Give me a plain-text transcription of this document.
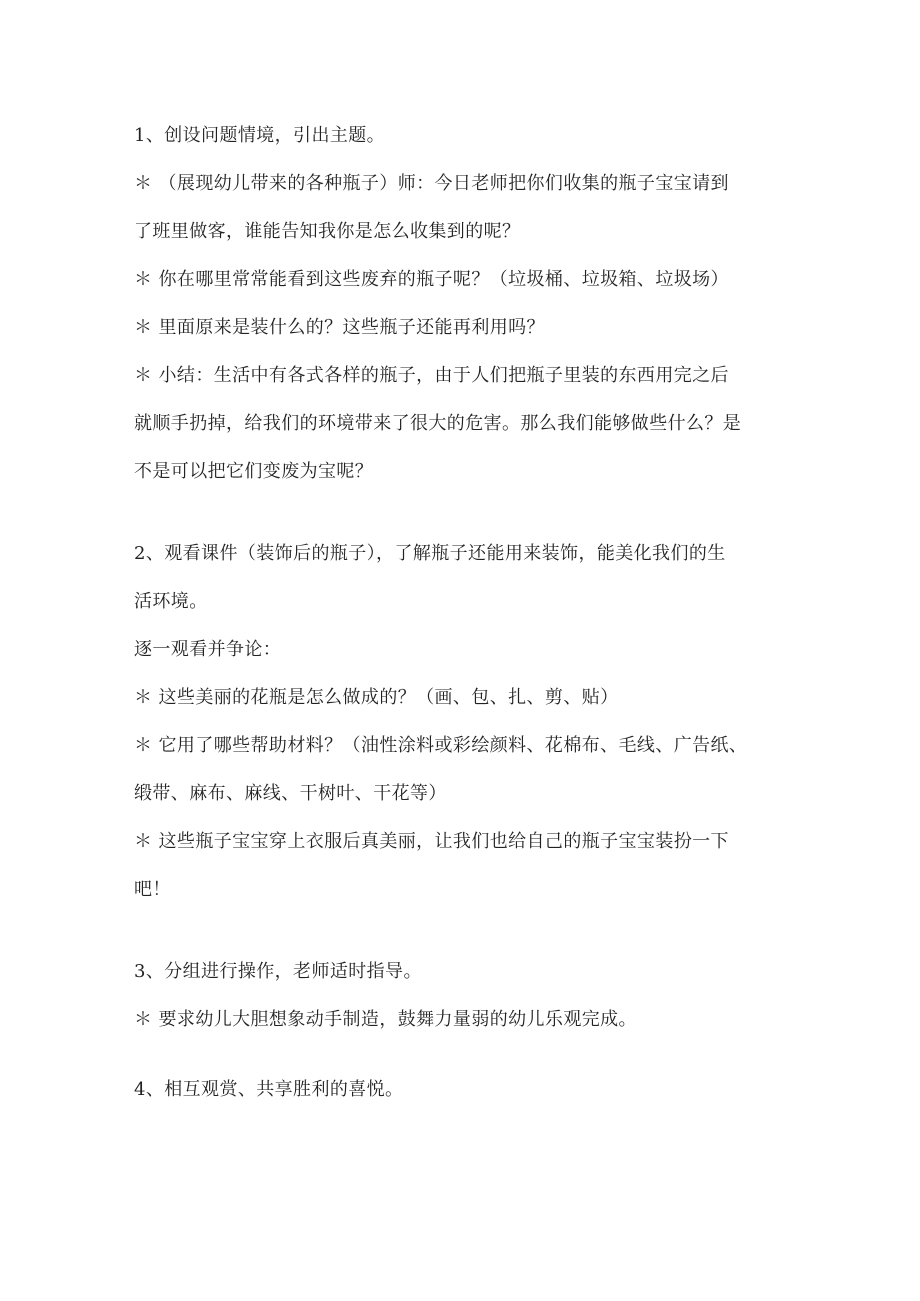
1、创设问题情境，引出主题。
＊ （展现幼儿带来的各种瓶子）师：今日老师把你们收集的瓶子宝宝请到
了班里做客，谁能告知我你是怎么收集到的呢？
＊ 你在哪里常常能看到这些废弃的瓶子呢？（垃圾桶、垃圾箱、垃圾场）
＊ 里面原来是装什么的？这些瓶子还能再利用吗？
＊ 小结：生活中有各式各样的瓶子，由于人们把瓶子里装的东西用完之后
就顺手扔掉，给我们的环境带来了很大的危害。那么我们能够做些什么？是
不是可以把它们变废为宝呢？
2、观看课件（装饰后的瓶子），了解瓶子还能用来装饰，能美化我们的生
活环境。
逐一观看并争论：
＊ 这些美丽的花瓶是怎么做成的？（画、包、扎、剪、贴）
＊ 它用了哪些帮助材料？（油性涂料或彩绘颜料、花棉布、毛线、广告纸、
缎带、麻布、麻线、干树叶、干花等）
＊ 这些瓶子宝宝穿上衣服后真美丽，让我们也给自己的瓶子宝宝装扮一下
吧！
3、分组进行操作，老师适时指导。
＊ 要求幼儿大胆想象动手制造，鼓舞力量弱的幼儿乐观完成。
4、相互观赏、共享胜利的喜悦。
